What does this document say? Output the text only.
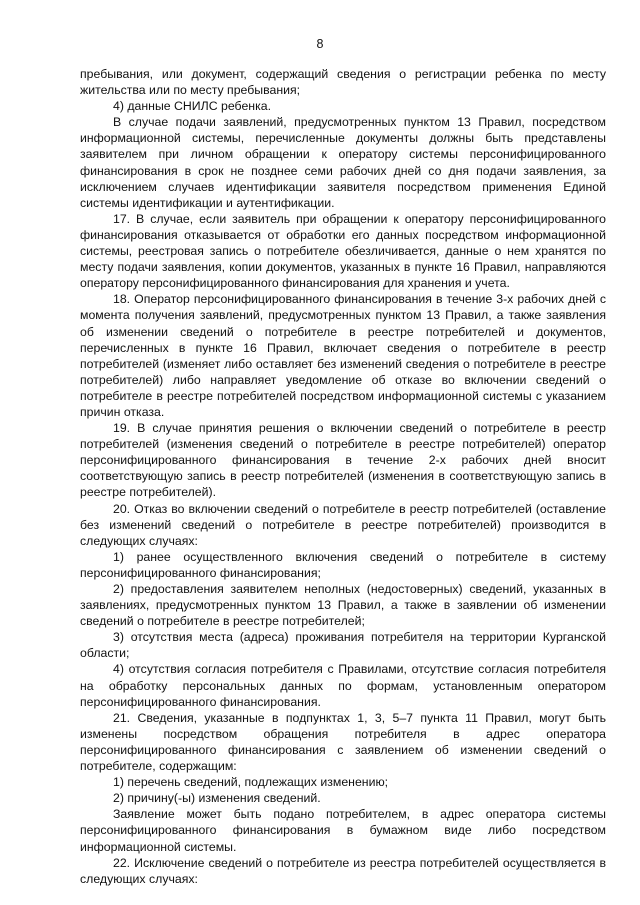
8

пребывания, или документ, содержащий сведения о регистрации ребенка по месту жительства или по месту пребывания;

4) данные СНИЛС ребенка.

В случае подачи заявлений, предусмотренных пунктом 13 Правил, посредством информационной системы, перечисленные документы должны быть представлены заявителем при личном обращении к оператору системы персонифицированного финансирования в срок не позднее семи рабочих дней со дня подачи заявления, за исключением случаев идентификации заявителя посредством применения Единой системы идентификации и аутентификации.

17. В случае, если заявитель при обращении к оператору персонифицированного финансирования отказывается от обработки его данных посредством информационной системы, реестровая запись о потребителе обезличивается, данные о нем хранятся по месту подачи заявления, копии документов, указанных в пункте 16 Правил, направляются оператору персонифицированного финансирования для хранения и учета.

18. Оператор персонифицированного финансирования в течение 3-х рабочих дней с момента получения заявлений, предусмотренных пунктом 13 Правил, а также заявления об изменении сведений о потребителе в реестре потребителей и документов, перечисленных в пункте 16 Правил, включает сведения о потребителе в реестр потребителей (изменяет либо оставляет без изменений сведения о потребителе в реестре потребителей) либо направляет уведомление об отказе во включении сведений о потребителе в реестре потребителей посредством информационной системы с указанием причин отказа.

19. В случае принятия решения о включении сведений о потребителе в реестр потребителей (изменения сведений о потребителе в реестре потребителей) оператор персонифицированного финансирования в течение 2-х рабочих дней вносит соответствующую запись в реестр потребителей (изменения в соответствующую запись в реестре потребителей).

20. Отказ во включении сведений о потребителе в реестр потребителей (оставление без изменений сведений о потребителе в реестре потребителей) производится в следующих случаях:

1) ранее осуществленного включения сведений о потребителе в систему персонифицированного финансирования;

2) предоставления заявителем неполных (недостоверных) сведений, указанных в заявлениях, предусмотренных пунктом 13 Правил, а также в заявлении об изменении сведений о потребителе в реестре потребителей;

3) отсутствия места (адреса) проживания потребителя на территории Курганской области;

4) отсутствия согласия потребителя с Правилами, отсутствие согласия потребителя на обработку персональных данных по формам, установленным оператором персонифицированного финансирования.

21. Сведения, указанные в подпунктах 1, 3, 5–7 пункта 11 Правил, могут быть изменены посредством обращения потребителя в адрес оператора персонифицированного финансирования с заявлением об изменении сведений о потребителе, содержащим:

1) перечень сведений, подлежащих изменению;

2) причину(-ы) изменения сведений.

Заявление может быть подано потребителем, в адрес оператора системы персонифицированного финансирования в бумажном виде либо посредством информационной системы.

22. Исключение сведений о потребителе из реестра потребителей осуществляется в следующих случаях:
